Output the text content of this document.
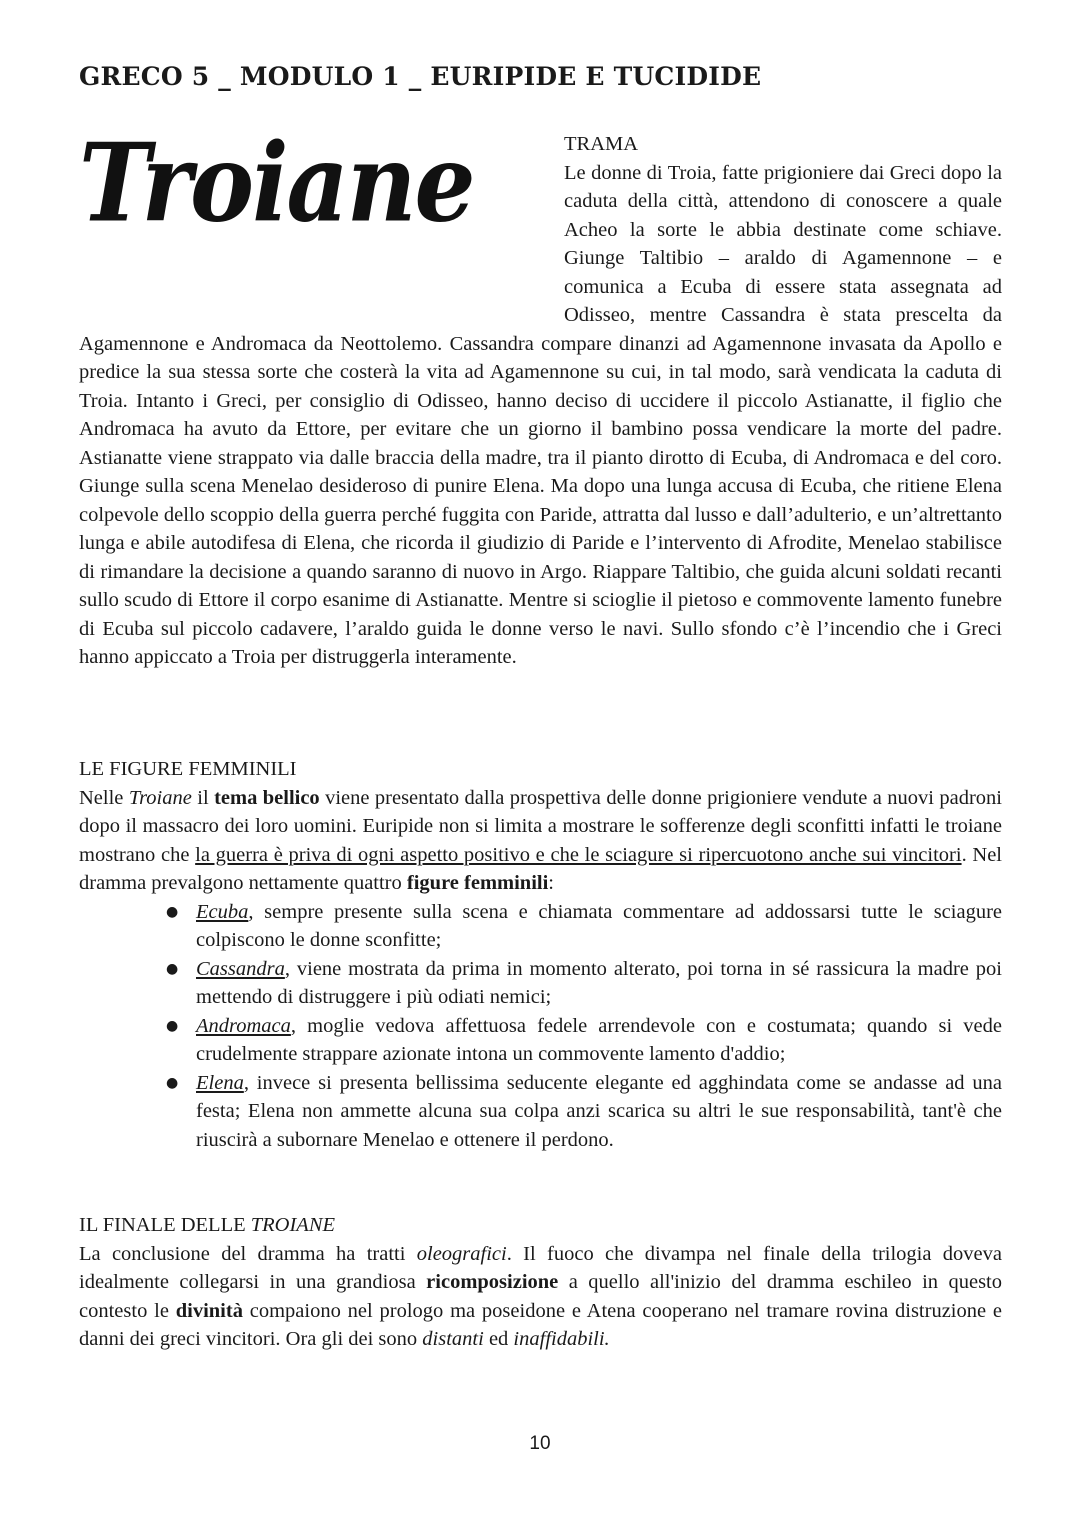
GRECO 5 _ MODULO 1 _ EURIPIDE E TUCIDIDE
Troiane	TRAMA
Le donne di Troia, fatte prigioniere dai Greci dopo la caduta della città, attendono di conoscere a quale Acheo la sorte le abbia destinate come schiave. Giunge Taltibio – araldo di Agamennone – e comunica a Ecuba di essere stata assegnata ad Odisseo, mentre Cassandra è stata prescelta da
Agamennone e Andromaca da Neottolemo. Cassandra compare dinanzi ad Agamennone invasata da Apollo e predice la sua stessa sorte che costerà la vita ad Agamennone su cui, in tal modo, sarà vendicata la caduta di Troia. Intanto i Greci, per consiglio di Odisseo, hanno deciso di uccidere il piccolo Astianatte, il figlio che Andromaca ha avuto da Ettore, per evitare che un giorno il bambino possa vendicare la morte del padre. Astianatte viene strappato via dalle braccia della madre, tra il pianto dirotto di Ecuba, di Andromaca e del coro. Giunge sulla scena Menelao desideroso di punire Elena. Ma dopo una lunga accusa di Ecuba, che ritiene Elena colpevole dello scoppio della guerra perché fuggita con Paride, attratta dal lusso e dall’adulterio, e un’altrettanto lunga e abile autodifesa di Elena, che ricorda il giudizio di Paride e l’intervento di Afrodite, Menelao stabilisce di rimandare la decisione a quando saranno di nuovo in Argo. Riappare Taltibio, che guida alcuni soldati recanti sullo scudo di Ettore il corpo esanime di Astianatte. Mentre si scioglie il pietoso e commovente lamento funebre di Ecuba sul piccolo cadavere, l’araldo guida le donne verso le navi. Sullo sfondo c’è l’incendio che i Greci hanno appiccato a Troia per distruggerla interamente.
LE FIGURE FEMMINILI
Nelle Troiane il tema bellico viene presentato dalla prospettiva delle donne prigioniere vendute a nuovi padroni dopo il massacro dei loro uomini. Euripide non si limita a mostrare le sofferenze degli sconfitti infatti le troiane mostrano che la guerra è priva di ogni aspetto positivo e che le sciagure si ripercuotono anche sui vincitori. Nel dramma prevalgono nettamente quattro figure femminili:
● Ecuba, sempre presente sulla scena e chiamata commentare ad addossarsi tutte le sciagure colpiscono le donne sconfitte;
● Cassandra, viene mostrata da prima in momento alterato, poi torna in sé rassicura la madre poi mettendo di distruggere i più odiati nemici;
● Andromaca, moglie vedova affettuosa fedele arrendevole con e costumata; quando si vede crudelmente strappare azionate intona un commovente lamento d'addio;
● Elena, invece si presenta bellissima seducente elegante ed agghindata come se andasse ad una festa; Elena non ammette alcuna sua colpa anzi scarica su altri le sue responsabilità, tant'è che riuscirà a subornare Menelao e ottenere il perdono.
IL FINALE DELLE TROIANE
La conclusione del dramma ha tratti oleografici. Il fuoco che divampa nel finale della trilogia doveva idealmente collegarsi in una grandiosa ricomposizione a quello all'inizio del dramma eschileo in questo contesto le divinità compaiono nel prologo ma poseidone e Atena cooperano nel tramare rovina distruzione e danni dei greci vincitori. Ora gli dei sono distanti ed inaffidabili.
10
